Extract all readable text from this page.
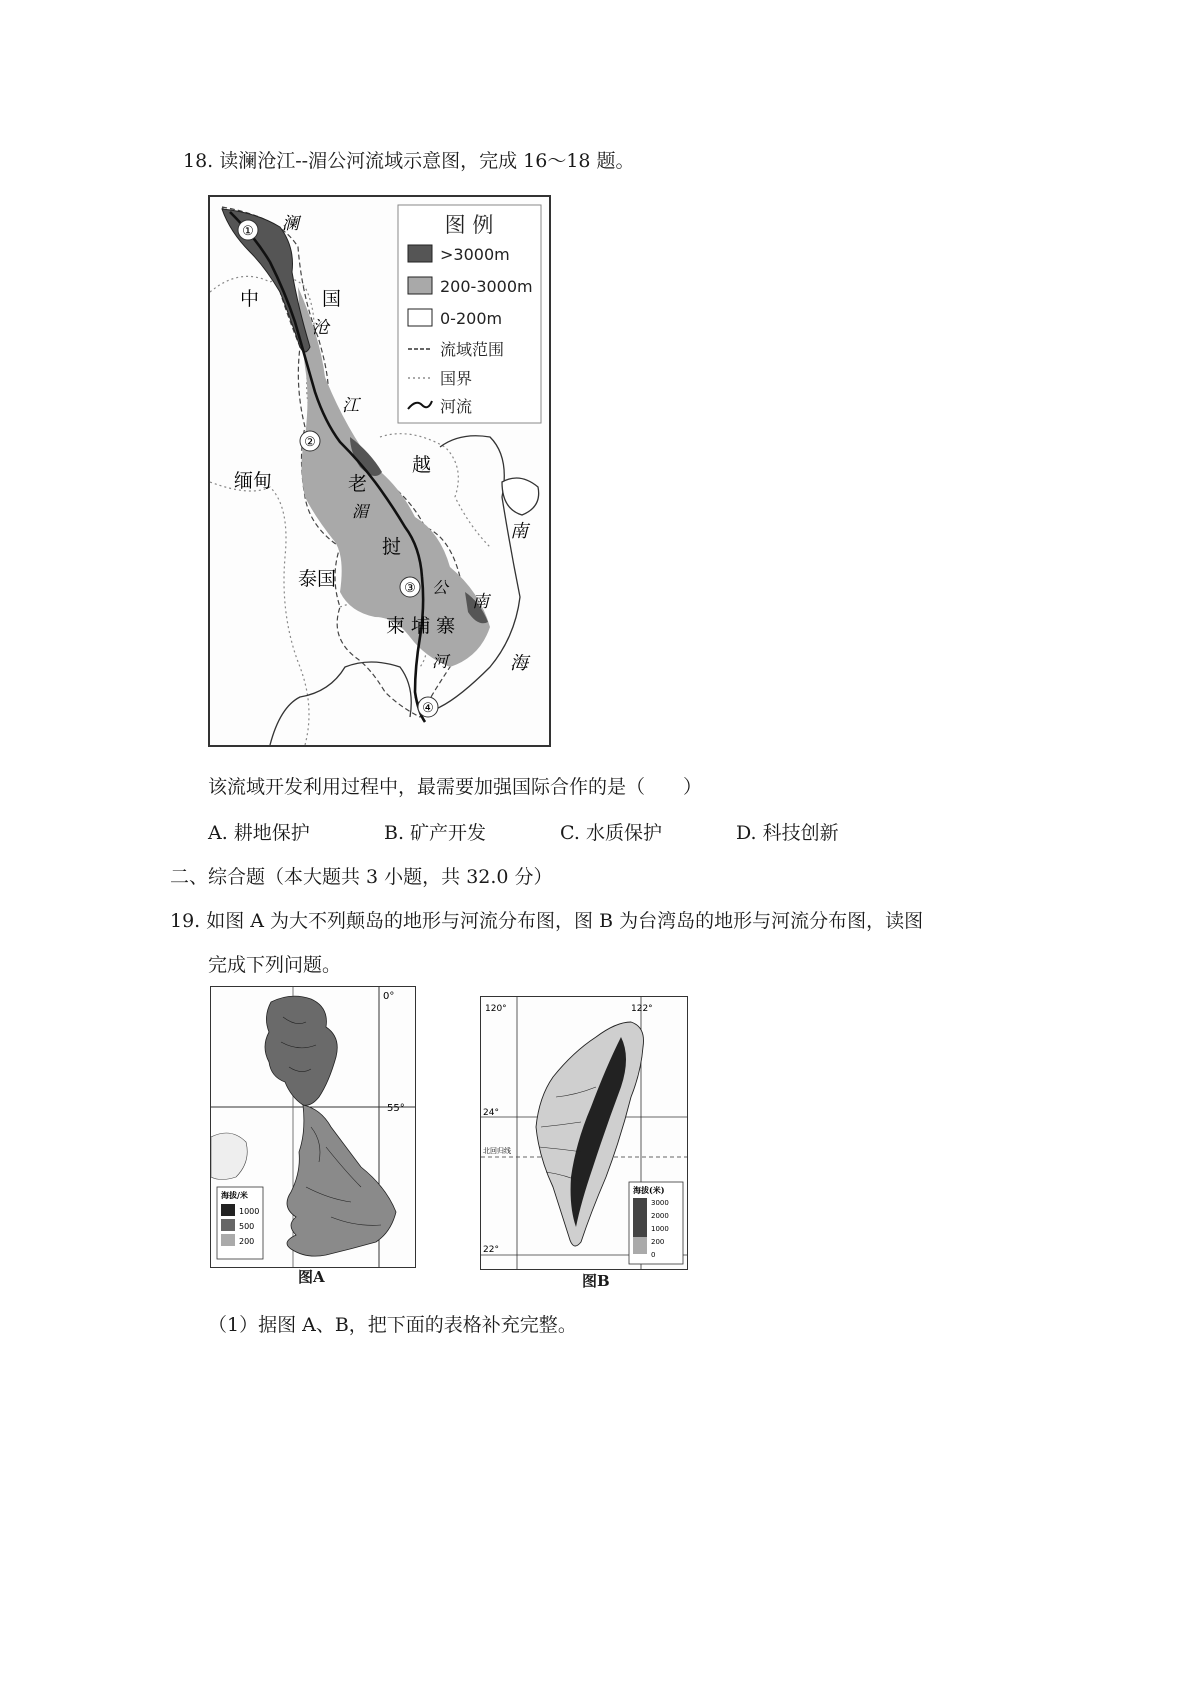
18. 读澜沧江--湄公河流域示意图，完成 16～18 题。
图 例
>3000m
200-3000m
0-200m
流域范围
国界
河流
①
②
③
④
澜
中	国
沧
江
缅甸
越
老
湄
挝
泰国	公
柬 埔 寨
河
南
南
海
该流域开发利用过程中，最需要加强国际合作的是（　　）
A. 耕地保护	B. 矿产开发	C. 水质保护	D. 科技创新
二、综合题（本大题共 3 小题，共 32.0 分）
19. 如图 A 为大不列颠岛的地形与河流分布图，图 B 为台湾岛的地形与河流分布图，读图
完成下列问题。
0°
55°
海拔/米
1000
500
200
图A
120°	122°
24°
北回归线
22°
海拔(米)
3000
2000
1000
200
0
图B
（1）据图 A、B，把下面的表格补充完整。
